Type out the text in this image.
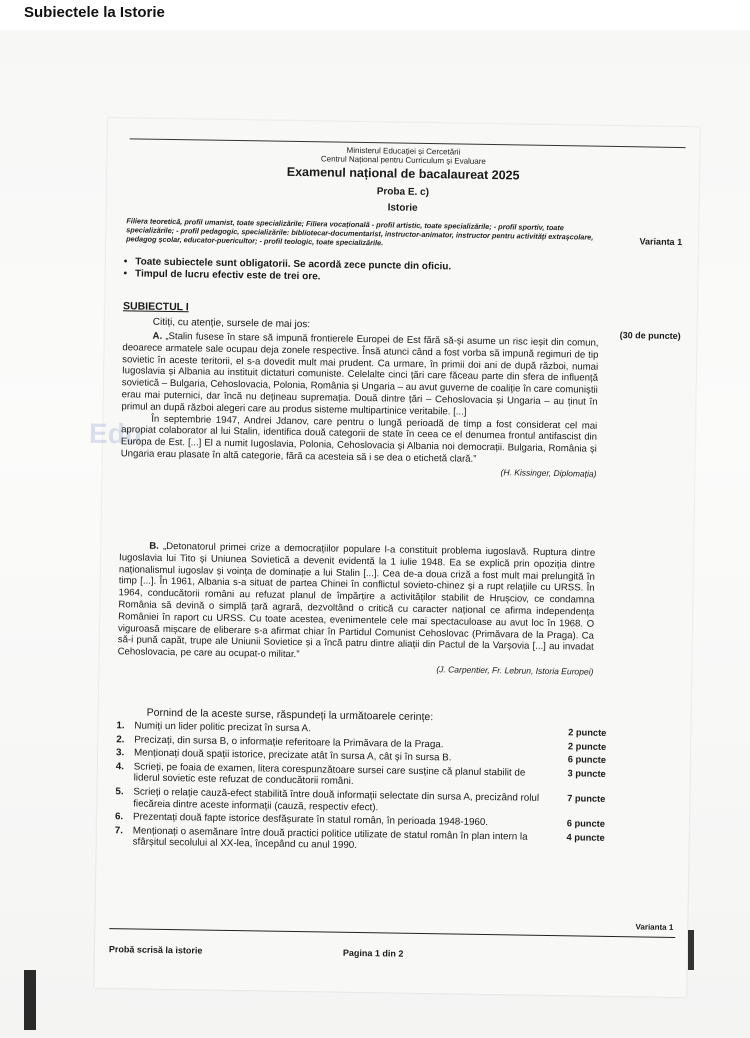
Subiectele la Istorie
Edu
Ministerul Educației și Cercetării
Centrul Național pentru Curriculum și Evaluare
Examenul național de bacalaureat 2025
Proba E. c)
Istorie
Filiera teoretică, profil umanist, toate specializările; Filiera vocațională - profil artistic, toate specializările; - profil sportiv, toate specializările; - profil pedagogic, specializările: bibliotecar-documentarist, instructor-animator, instructor pentru activități extrașcolare, pedagog școlar, educator-puericultor; - profil teologic, toate specializările.	Varianta 1
• Toate subiectele sunt obligatorii. Se acordă zece puncte din oficiu.
• Timpul de lucru efectiv este de trei ore.
SUBIECTUL I
Citiți, cu atenție, sursele de mai jos:
(30 de puncte)

A. „Stalin fusese în stare să impună frontierele Europei de Est fără să-și asume un risc ieșit din comun, deoarece armatele sale ocupau deja zonele respective. Însă atunci când a fost vorba să impună regimuri de tip sovietic în aceste teritorii, el s-a dovedit mult mai prudent. Ca urmare, în primii doi ani de după război, numai Iugoslavia și Albania au instituit dictaturi comuniste. Celelalte cinci țări care făceau parte din sfera de influență sovietică – Bulgaria, Cehoslovacia, Polonia, România și Ungaria – au avut guverne de coaliție în care comuniștii erau mai puternici, dar încă nu dețineau supremația. Două dintre țări – Cehoslovacia și Ungaria – au ținut în primul an după război alegeri care au produs sisteme multipartinice veritabile. [...]

În septembrie 1947, Andrei Jdanov, care pentru o lungă perioadă de timp a fost considerat cel mai apropiat colaborator al lui Stalin, identifica două categorii de state în ceea ce el denumea frontul antifascist din Europa de Est. [...] El a numit Iugoslavia, Polonia, Cehoslovacia și Albania noi democrații. Bulgaria, România și Ungaria erau plasate în altă categorie, fără ca acesteia să i se dea o etichetă clară.”

(H. Kissinger, Diplomația)

B. „Detonatorul primei crize a democrațiilor populare l-a constituit problema iugoslavă. Ruptura dintre Iugoslavia lui Tito și Uniunea Sovietică a devenit evidentă la 1 iulie 1948. Ea se explică prin opoziția dintre naționalismul iugoslav și voința de dominație a lui Stalin [...]. Cea de-a doua criză a fost mult mai prelungită în timp [...]. În 1961, Albania s-a situat de partea Chinei în conflictul sovieto-chinez și a rupt relațiile cu URSS. În 1964, conducătorii români au refuzat planul de împărțire a activităților stabilit de Hrușciov, ce condamna România să devină o simplă țară agrară, dezvoltând o critică cu caracter național ce afirma independența României în raport cu URSS. Cu toate acestea, evenimentele cele mai spectaculoase au avut loc în 1968. O viguroasă mișcare de eliberare s-a afirmat chiar în Partidul Comunist Cehoslovac (Primăvara de la Praga). Ca să-i pună capăt, trupe ale Uniunii Sovietice și a încă patru dintre aliații din Pactul de la Varșovia [...] au invadat Cehoslovacia, pe care au ocupat-o militar.”

(J. Carpentier, Fr. Lebrun, Istoria Europei)
Pornind de la aceste surse, răspundeți la următoarele cerințe:
1. Numiți un lider politic precizat în sursa A.	2 puncte
2. Precizați, din sursa B, o informație referitoare la Primăvara de la Praga.	2 puncte
3. Menționați două spații istorice, precizate atât în sursa A, cât și în sursa B.	6 puncte
4. Scrieți, pe foaia de examen, litera corespunzătoare sursei care susține că planul stabilit de liderul sovietic este refuzat de conducătorii români.	3 puncte
5. Scrieți o relație cauză-efect stabilită între două informații selectate din sursa A, precizând rolul fiecăreia dintre aceste informații (cauză, respectiv efect).	7 puncte
6. Prezentați două fapte istorice desfășurate în statul român, în perioada 1948-1960.	6 puncte
7. Menționați o asemănare între două practici politice utilizate de statul român în plan intern la sfârșitul secolului al XX-lea, începând cu anul 1990.	4 puncte
Varianta 1
Probă scrisă la istorie	Pagina 1 din 2
